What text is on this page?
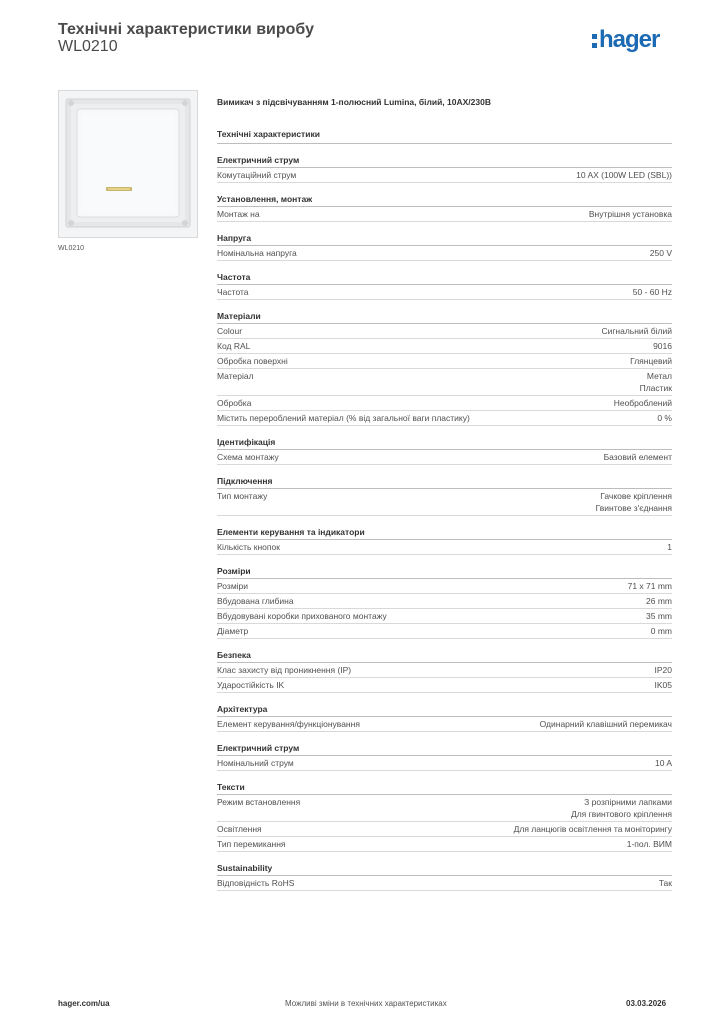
Технічні характеристики виробу
WL0210	hager
WL0210
Вимикач з підсвічуванням 1-полюсний Lumina, білий, 10AX/230В
Технічні характеристики
Електричний струм
Комутаційний струм	10 AX (100W LED (SBL))
Установлення, монтаж
Монтаж на	Внутрішня установка
Напруга
Номінальна напруга	250 V
Частота
Частота	50 - 60 Hz
Матеріали
Colour	Сигнальний білий
Код RAL	9016
Обробка поверхні	Глянцевий
Матеріал	Метал
Пластик
Обробка	Необроблений
Містить перероблений матеріал (% від загальної ваги пластику)	0 %
Ідентифікація
Схема монтажу	Базовий елемент
Підключення
Тип монтажу	Гачкове кріплення
Гвинтове з'єднання
Елементи керування та індикатори
Кількість кнопок	1
Розміри
Розміри	71 x 71 mm
Вбудована глибина	26 mm
Вбудовувані коробки прихованого монтажу	35 mm
Діаметр	0 mm
Безпека
Клас захисту від проникнення (IP)	IP20
Ударостійкість IK	IK05
Архітектура
Елемент керування/функціонування	Одинарний клавішний перемикач
Електричний струм
Номінальний струм	10 A
Тексти
Режим встановлення	З розпірними лапками
Для гвинтового кріплення
Освітлення	Для ланцюгів освітлення та моніторингу
Тип перемикання	1-пол. ВИМ
Sustainability
Відповідність RoHS	Так
hager.com/ua	Можливі зміни в технічних характеристиках	03.03.2026
